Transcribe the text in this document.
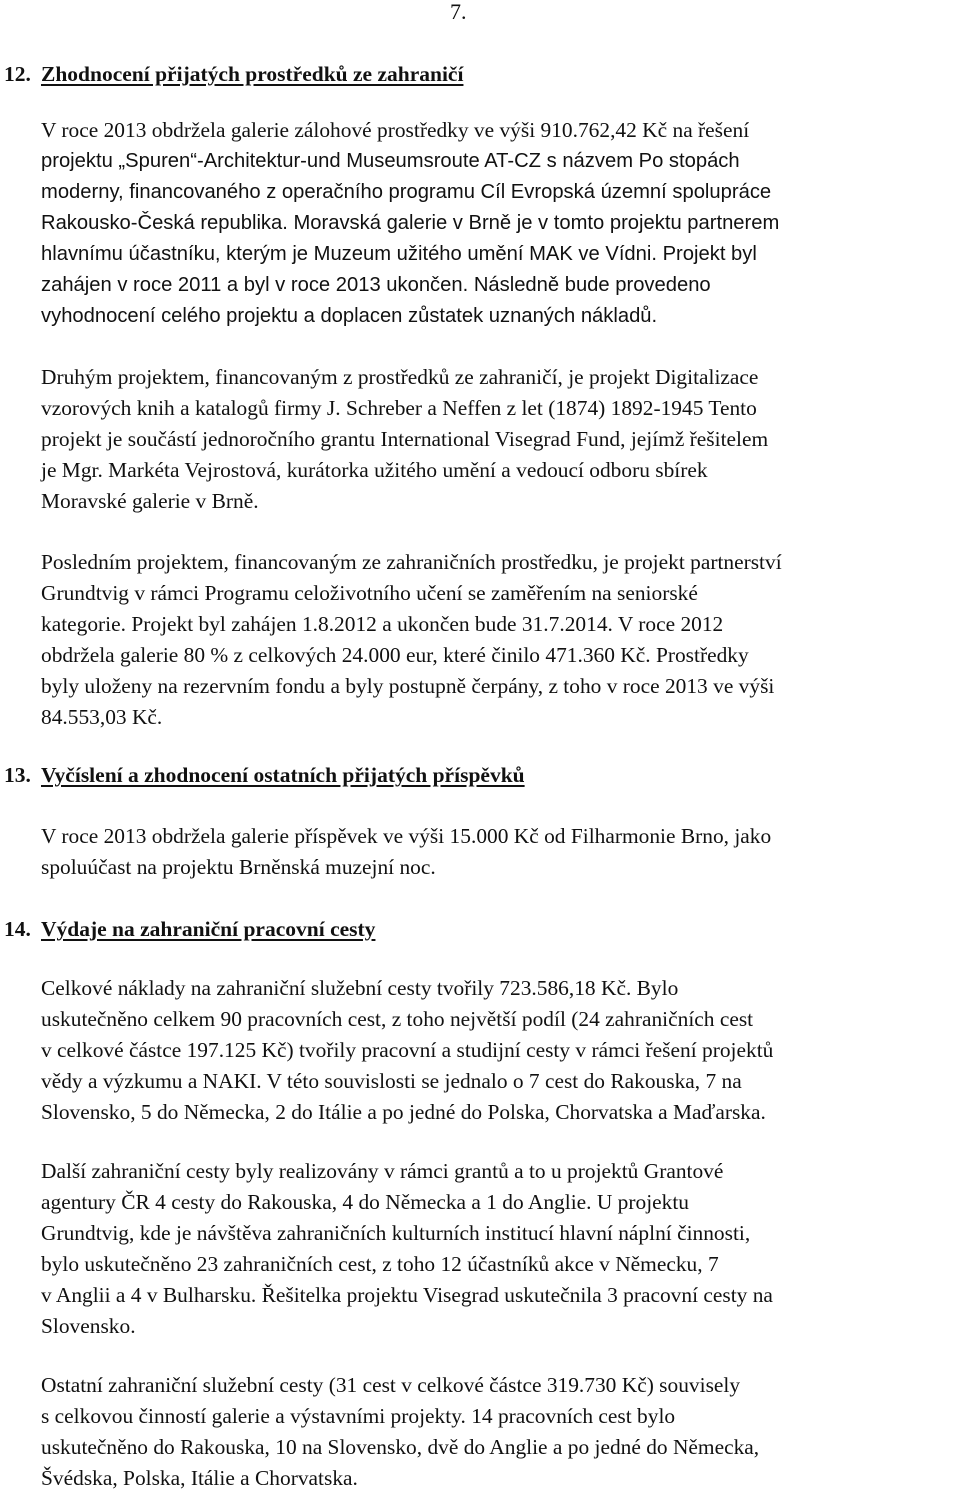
7.
12. Zhodnocení přijatých prostředků ze zahraničí
V roce 2013 obdržela galerie zálohové prostředky ve výši 910.762,42 Kč na řešení
projektu „Spuren“-Architektur-und Museumsroute AT-CZ s názvem Po stopách
moderny, financovaného z operačního programu Cíl Evropská územní spolupráce
Rakousko-Česká republika. Moravská galerie v Brně je v tomto projektu partnerem
hlavnímu účastníku, kterým je Muzeum užitého umění MAK ve Vídni. Projekt byl
zahájen v roce 2011 a byl v roce 2013 ukončen. Následně bude provedeno
vyhodnocení celého projektu a doplacen zůstatek uznaných nákladů.
Druhým projektem, financovaným z prostředků ze zahraničí, je projekt Digitalizace
vzorových knih a katalogů firmy J. Schreber a Neffen z let (1874) 1892-1945 Tento
projekt je součástí jednoročního grantu International Visegrad Fund, jejímž řešitelem
je Mgr. Markéta Vejrostová, kurátorka užitého umění a vedoucí odboru sbírek
Moravské galerie v Brně.
Posledním projektem, financovaným ze zahraničních prostředku, je projekt partnerství
Grundtvig v rámci Programu celoživotního učení se zaměřením na seniorské
kategorie. Projekt byl zahájen 1.8.2012 a ukončen bude 31.7.2014. V roce 2012
obdržela galerie 80 % z celkových 24.000 eur, které činilo 471.360 Kč. Prostředky
byly uloženy na rezervním fondu a byly postupně čerpány, z toho v roce 2013 ve výši
84.553,03 Kč.
13. Vyčíslení a zhodnocení ostatních přijatých příspěvků
V roce 2013 obdržela galerie příspěvek ve výši 15.000 Kč od Filharmonie Brno, jako
spoluúčast na projektu Brněnská muzejní noc.
14. Výdaje na zahraniční pracovní cesty
Celkové náklady na zahraniční služební cesty tvořily 723.586,18 Kč. Bylo
uskutečněno celkem 90 pracovních cest, z toho největší podíl (24 zahraničních cest
v celkové částce 197.125 Kč) tvořily pracovní a studijní cesty v rámci řešení projektů
vědy a výzkumu a NAKI. V této souvislosti se jednalo o 7 cest do Rakouska, 7 na
Slovensko, 5 do Německa, 2 do Itálie a po jedné do Polska, Chorvatska a Maďarska.
Další zahraniční cesty byly realizovány v rámci grantů a to u projektů Grantové
agentury ČR 4 cesty do Rakouska, 4 do Německa a 1 do Anglie. U projektu
Grundtvig, kde je návštěva zahraničních kulturních institucí hlavní náplní činnosti,
bylo uskutečněno 23 zahraničních cest, z toho 12 účastníků akce v Německu, 7
v Anglii a 4 v Bulharsku. Řešitelka projektu Visegrad uskutečnila 3 pracovní cesty na
Slovensko.
Ostatní zahraniční služební cesty (31 cest v celkové částce 319.730 Kč) souvisely
s celkovou činností galerie a výstavními projekty. 14 pracovních cest bylo
uskutečněno do Rakouska, 10 na Slovensko, dvě do Anglie a po jedné do Německa,
Švédska, Polska, Itálie a Chorvatska.
